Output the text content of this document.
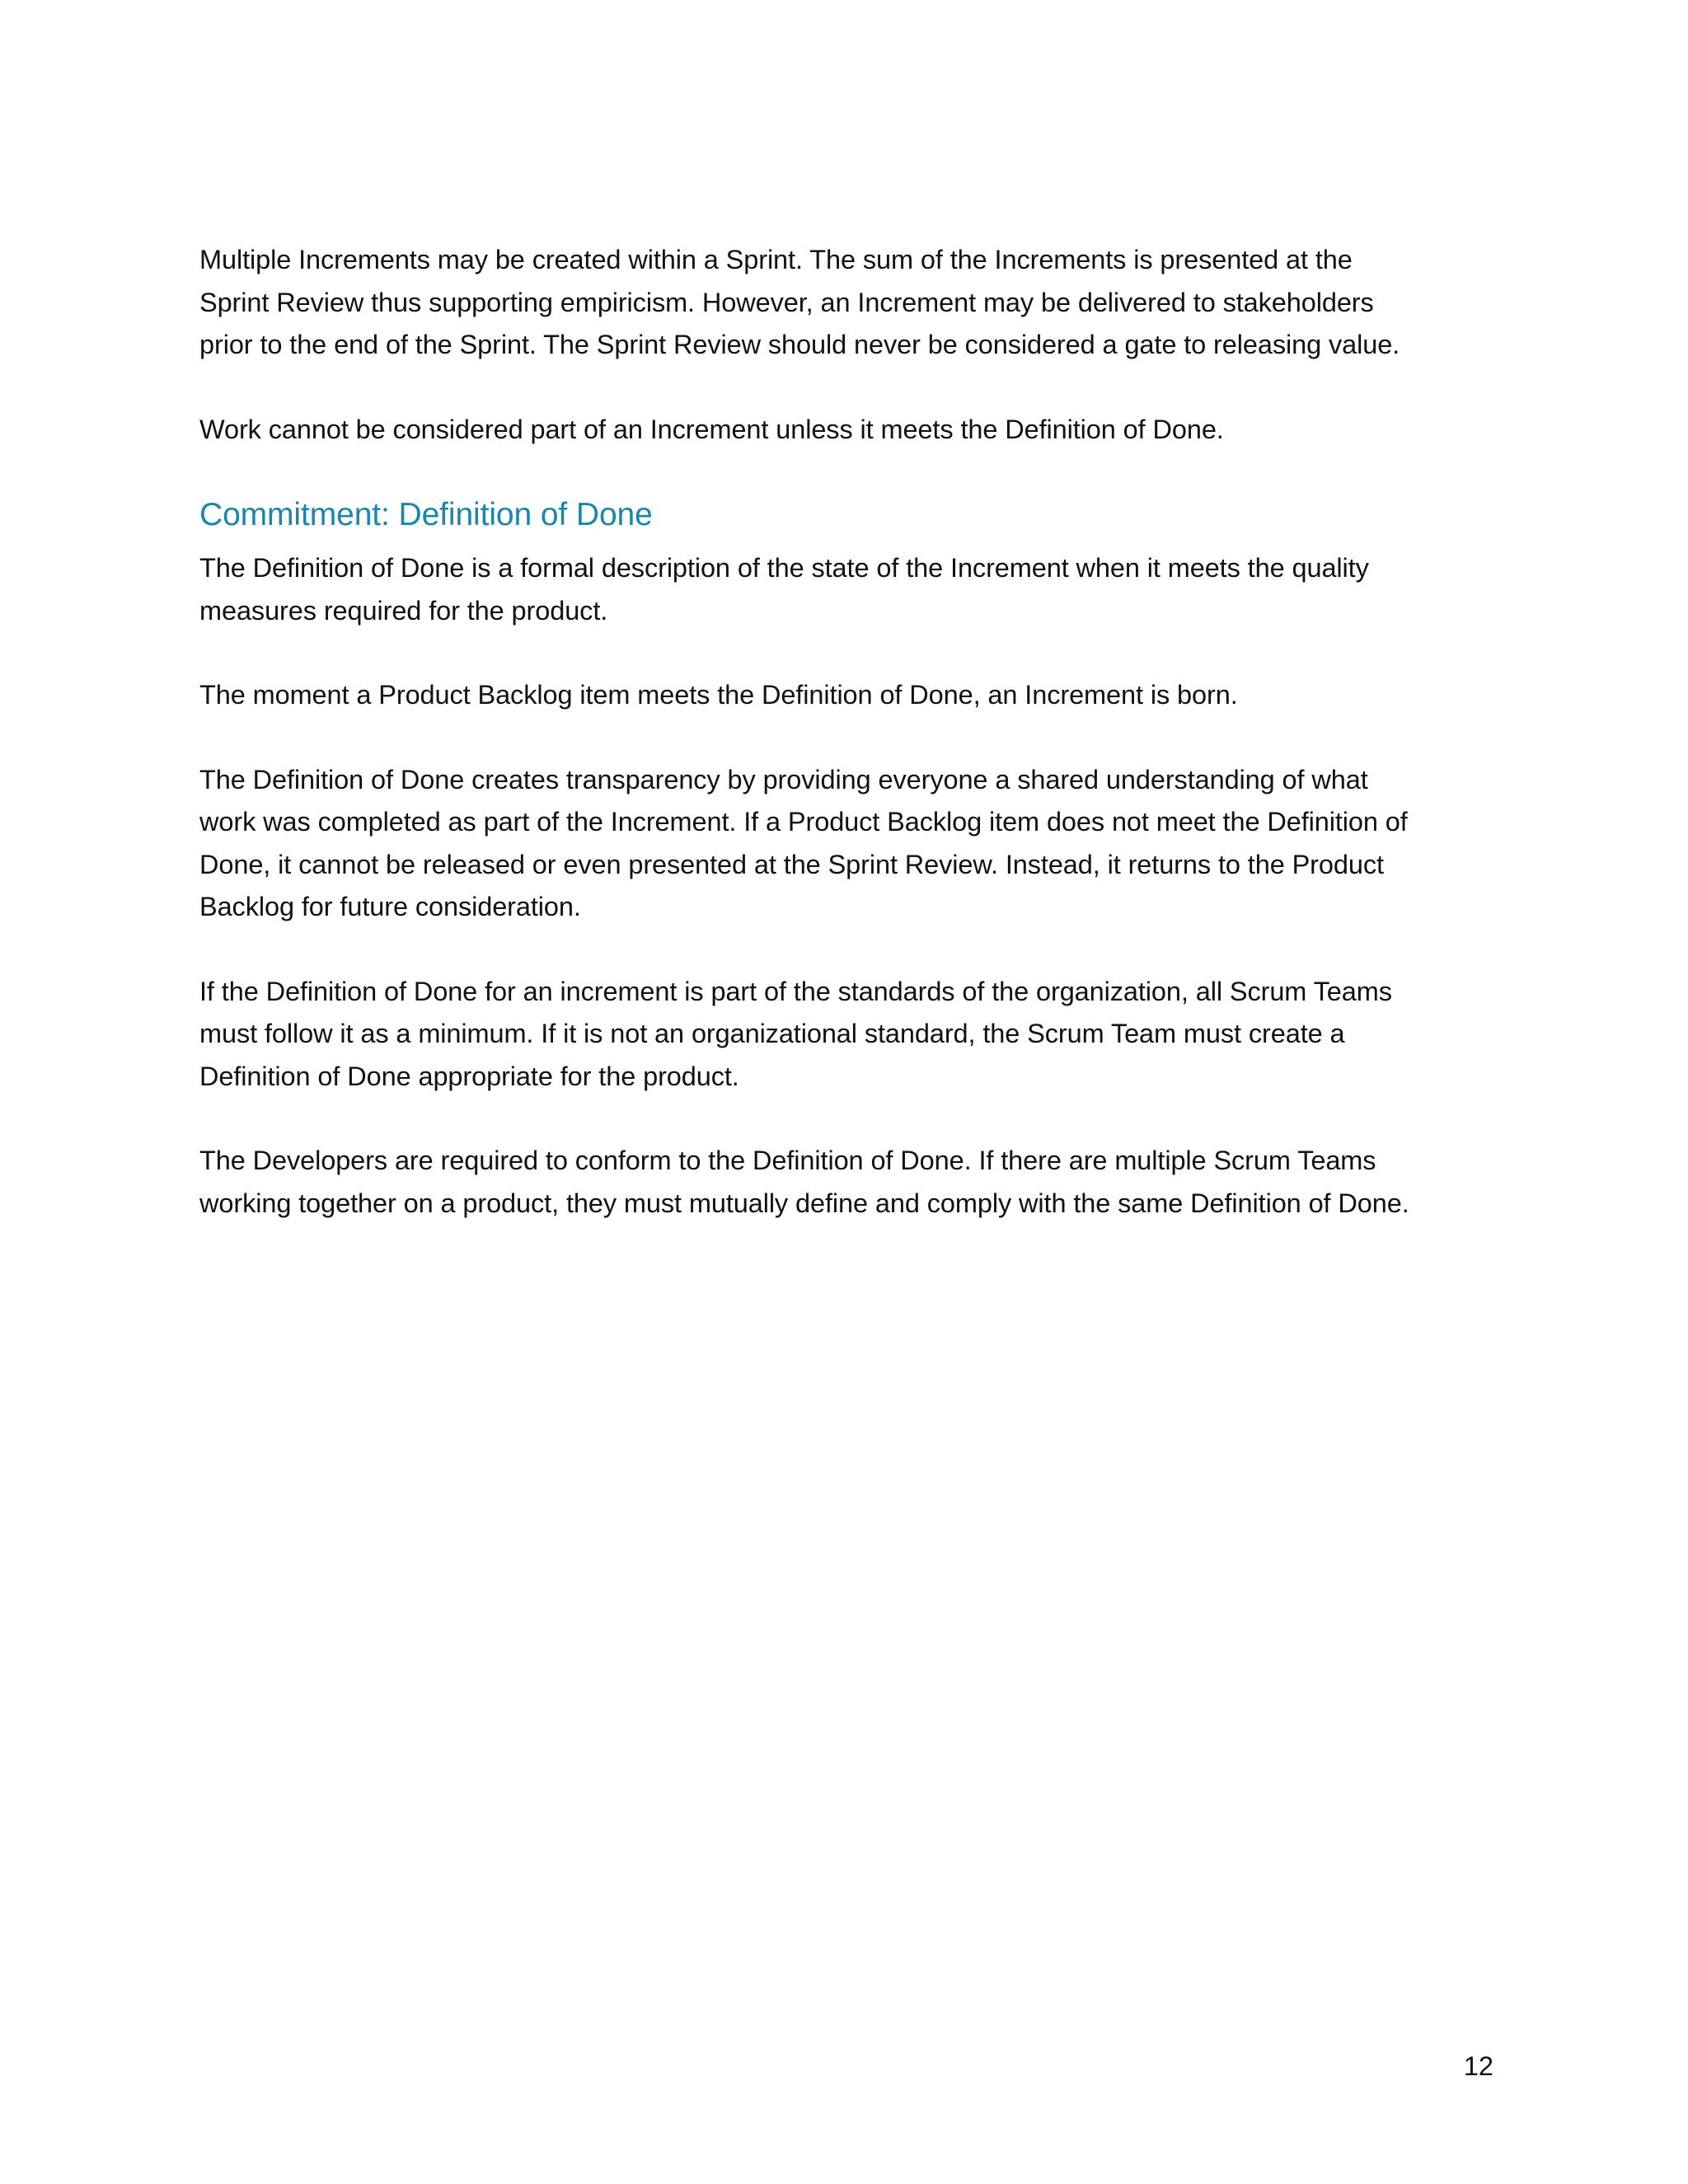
Multiple Increments may be created within a Sprint. The sum of the Increments is presented at the
Sprint Review thus supporting empiricism. However, an Increment may be delivered to stakeholders
prior to the end of the Sprint. The Sprint Review should never be considered a gate to releasing value.

Work cannot be considered part of an Increment unless it meets the Definition of Done.

Commitment: Definition of Done

The Definition of Done is a formal description of the state of the Increment when it meets the quality
measures required for the product.

The moment a Product Backlog item meets the Definition of Done, an Increment is born.

The Definition of Done creates transparency by providing everyone a shared understanding of what
work was completed as part of the Increment. If a Product Backlog item does not meet the Definition of
Done, it cannot be released or even presented at the Sprint Review. Instead, it returns to the Product
Backlog for future consideration.

If the Definition of Done for an increment is part of the standards of the organization, all Scrum Teams
must follow it as a minimum. If it is not an organizational standard, the Scrum Team must create a
Definition of Done appropriate for the product.

The Developers are required to conform to the Definition of Done. If there are multiple Scrum Teams
working together on a product, they must mutually define and comply with the same Definition of Done.

12
